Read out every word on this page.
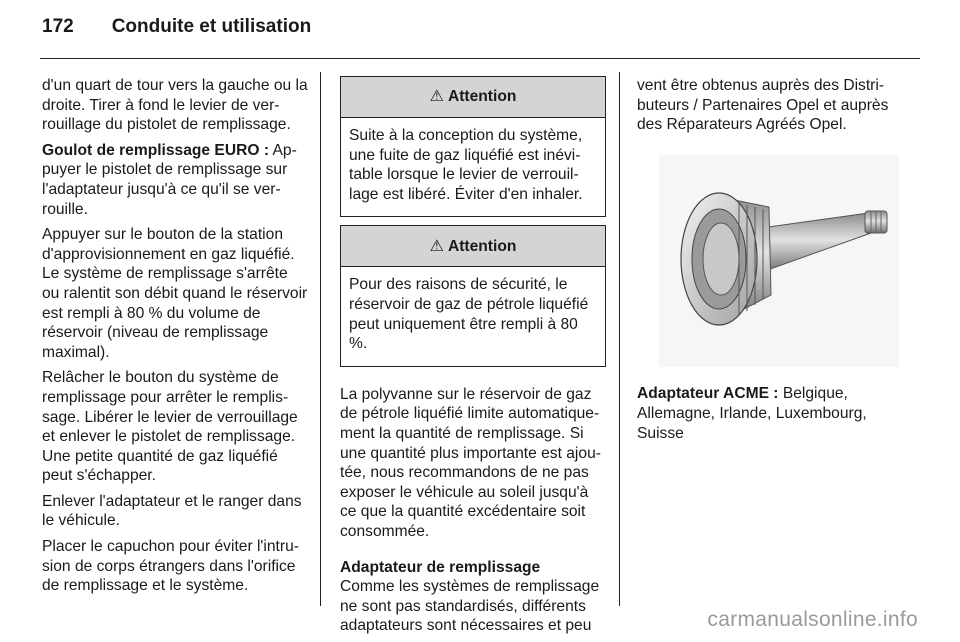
172 Conduite et utilisation

d'un quart de tour vers la gauche ou la droite. Tirer à fond le levier de verrouillage du pistolet de remplissage.

Goulot de remplissage EURO : Appuyer le pistolet de remplissage sur l'adaptateur jusqu'à ce qu'il se verrouille.

Appuyer sur le bouton de la station d'approvisionnement en gaz liquéfié. Le système de remplissage s'arrête ou ralentit son débit quand le réservoir est rempli à 80 % du volume de réservoir (niveau de remplissage maximal).

Relâcher le bouton du système de remplissage pour arrêter le remplissage. Libérer le levier de verrouillage et enlever le pistolet de remplissage. Une petite quantité de gaz liquéfié peut s'échapper.

Enlever l'adaptateur et le ranger dans le véhicule.

Placer le capuchon pour éviter l'intrusion de corps étrangers dans l'orifice de remplissage et le système.

⚠ Attention
Suite à la conception du système, une fuite de gaz liquéfié est inévitable lorsque le levier de verrouillage est libéré. Éviter d'en inhaler.
⚠ Attention
Pour des raisons de sécurité, le réservoir de gaz de pétrole liquéfié peut uniquement être rempli à 80 %.

La polyvanne sur le réservoir de gaz de pétrole liquéfié limite automatiquement la quantité de remplissage. Si une quantité plus importante est ajoutée, nous recommandons de ne pas exposer le véhicule au soleil jusqu'à ce que la quantité excédentaire soit consommée.

Adaptateur de remplissage

Comme les systèmes de remplissage ne sont pas standardisés, différents adaptateurs sont nécessaires et peu

vent être obtenus auprès des Distributeurs / Partenaires Opel et auprès des Réparateurs Agréés Opel.

Adaptateur ACME : Belgique, Allemagne, Irlande, Luxembourg, Suisse

carmanualsonline.info
